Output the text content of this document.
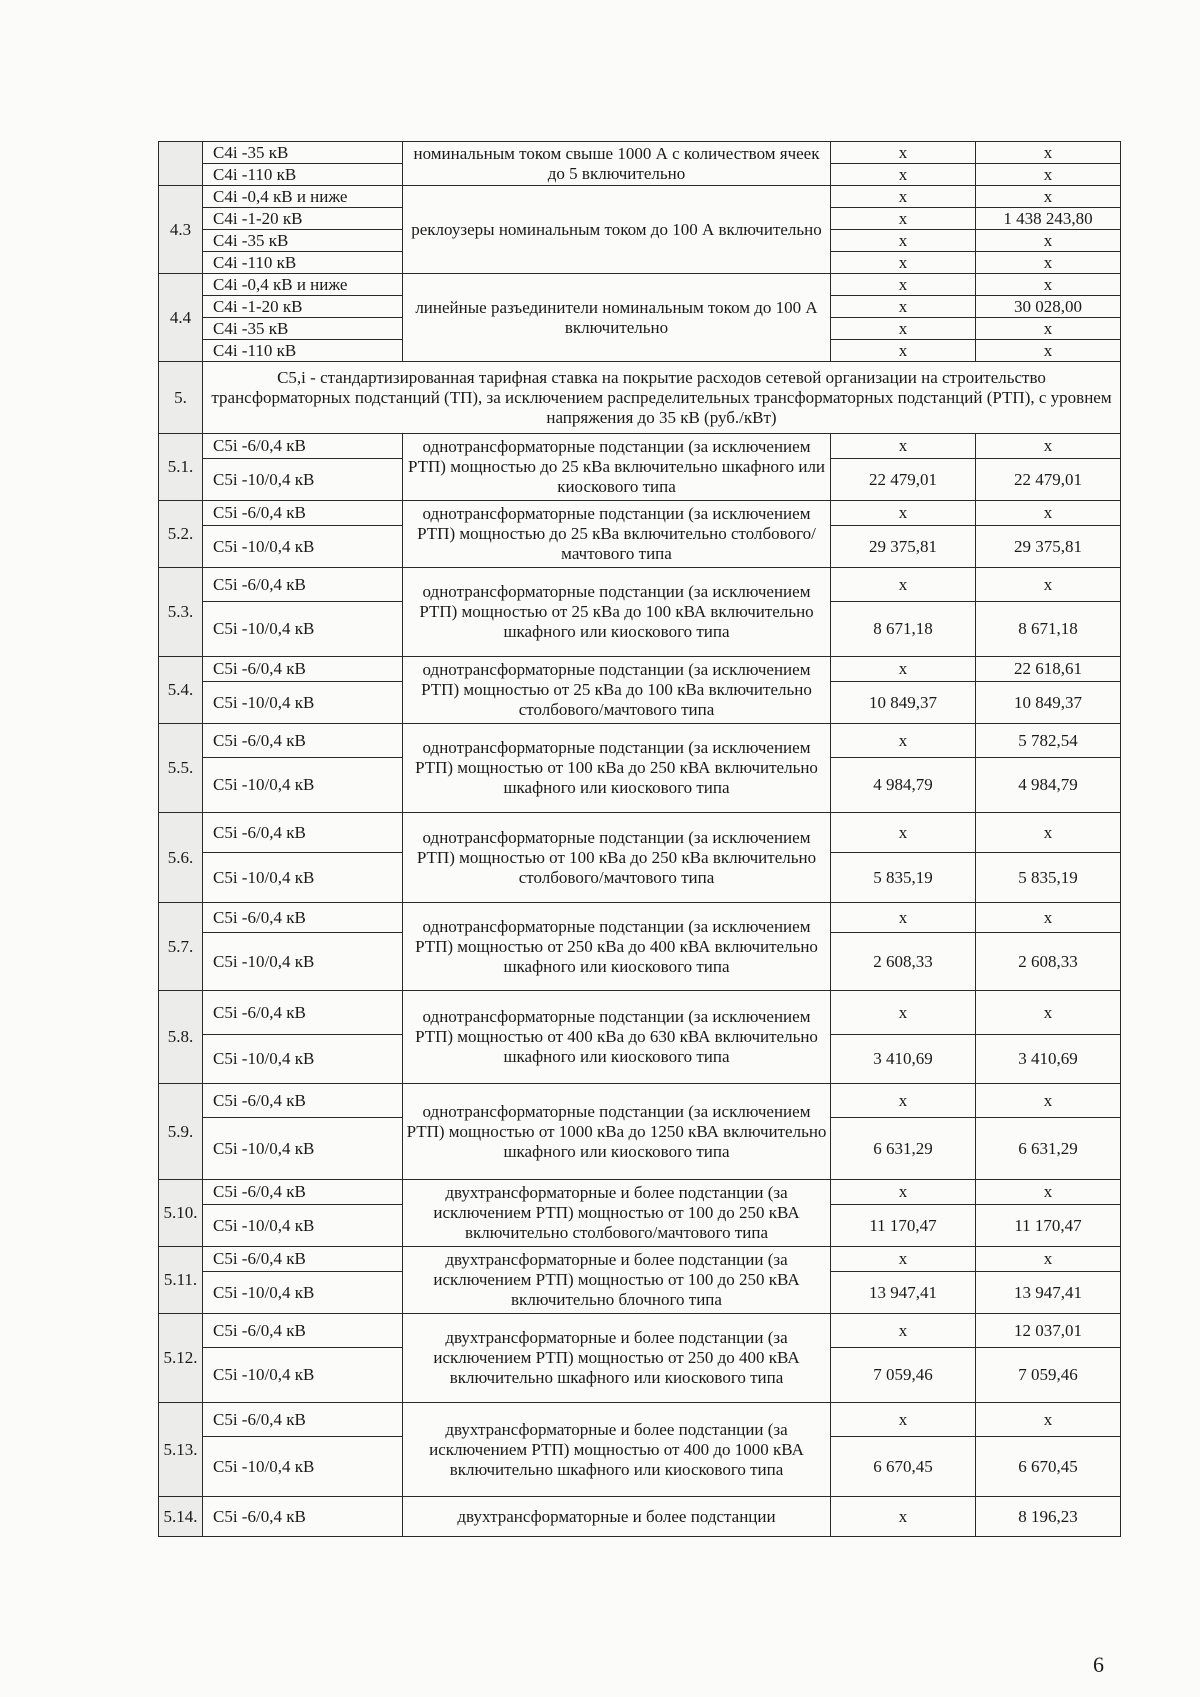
	C4i -35 кВ	номинальным током свыше 1000 А с количеством ячеек до 5 включительно	х	х
	C4i -110 кВ		х	х
4.3	C4i -0,4 кВ и ниже	реклоузеры номинальным током до 100 А включительно	х	х
	C4i -1-20 кВ		х	1 438 243,80
	C4i -35 кВ		х	х
	C4i -110 кВ		х	х
4.4	C4i -0,4 кВ и ниже	линейные разъединители номинальным током до 100 А включительно	х	х
	C4i -1-20 кВ		х	30 028,00
	C4i -35 кВ		х	х
	C4i -110 кВ		х	х
5.	C5,i - стандартизированная тарифная ставка на покрытие расходов сетевой организации на строительство трансформаторных подстанций (ТП), за исключением распределительных трансформаторных подстанций (РТП), с уровнем напряжения до 35 кВ (руб./кВт)			
5.1.	C5i -6/0,4 кВ	однотрансформаторные подстанции (за исключением РТП) мощностью до 25 кВа включительно шкафного или киоскового типа	х	х
	C5i -10/0,4 кВ		22 479,01	22 479,01
5.2.	C5i -6/0,4 кВ	однотрансформаторные подстанции (за исключением РТП) мощностью до 25 кВа включительно столбового/мачтового типа	х	х
	C5i -10/0,4 кВ		29 375,81	29 375,81
5.3.	C5i -6/0,4 кВ	однотрансформаторные подстанции (за исключением РТП) мощностью от 25 кВа до 100 кВА включительно шкафного или киоскового типа	х	х
	C5i -10/0,4 кВ		8 671,18	8 671,18
5.4.	C5i -6/0,4 кВ	однотрансформаторные подстанции (за исключением РТП) мощностью от 25 кВа до 100 кВа включительно столбового/мачтового типа	х	22 618,61
	C5i -10/0,4 кВ		10 849,37	10 849,37
5.5.	C5i -6/0,4 кВ	однотрансформаторные подстанции (за исключением РТП) мощностью от 100 кВа до 250 кВА включительно шкафного или киоскового типа	х	5 782,54
	C5i -10/0,4 кВ		4 984,79	4 984,79
5.6.	C5i -6/0,4 кВ	однотрансформаторные подстанции (за исключением РТП) мощностью от 100 кВа до 250 кВа включительно столбового/мачтового типа	х	х
	C5i -10/0,4 кВ		5 835,19	5 835,19
5.7.	C5i -6/0,4 кВ	однотрансформаторные подстанции (за исключением РТП) мощностью от 250 кВа до 400 кВА включительно шкафного или киоскового типа	х	х
	C5i -10/0,4 кВ		2 608,33	2 608,33
5.8.	C5i -6/0,4 кВ	однотрансформаторные подстанции (за исключением РТП) мощностью от 400 кВа до 630 кВА включительно шкафного или киоскового типа	х	х
	C5i -10/0,4 кВ		3 410,69	3 410,69
5.9.	C5i -6/0,4 кВ	однотрансформаторные подстанции (за исключением РТП) мощностью от 1000 кВа до 1250 кВА включительно шкафного или киоскового типа	х	х
	C5i -10/0,4 кВ		6 631,29	6 631,29
5.10.	C5i -6/0,4 кВ	двухтрансформаторные и более подстанции (за исключением РТП) мощностью от 100 до 250 кВА включительно столбового/мачтового типа	х	х
	C5i -10/0,4 кВ		11 170,47	11 170,47
5.11.	C5i -6/0,4 кВ	двухтрансформаторные и более подстанции (за исключением РТП) мощностью от 100 до 250 кВА включительно блочного типа	х	х
	C5i -10/0,4 кВ		13 947,41	13 947,41
5.12.	C5i -6/0,4 кВ	двухтрансформаторные и более подстанции (за исключением РТП) мощностью от 250 до 400 кВА включительно шкафного или киоскового типа	х	12 037,01
	C5i -10/0,4 кВ		7 059,46	7 059,46
5.13.	C5i -6/0,4 кВ	двухтрансформаторные и более подстанции (за исключением РТП) мощностью от 400 до 1000 кВА включительно шкафного или киоскового типа	х	х
	C5i -10/0,4 кВ		6 670,45	6 670,45
5.14.	C5i -6/0,4 кВ	двухтрансформаторные и более подстанции	х	8 196,23
6
